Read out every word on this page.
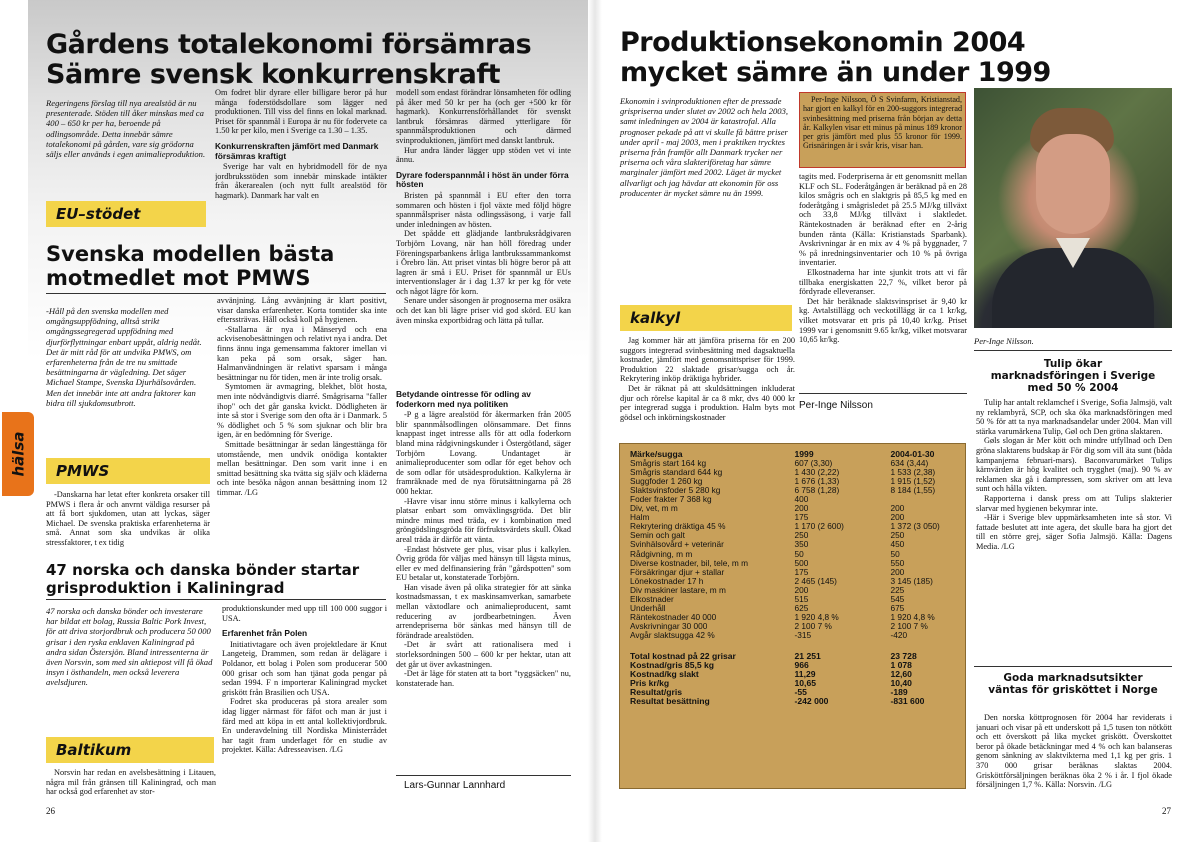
Gårdens totalekonomi försämras
Sämre svensk konkurrenskraft
Regeringens förslag till nya arealstöd är nu presenterade. Stöden till åker minskas med ca 400 – 650 kr per ha, beroende på odlingsområde. Detta innebär sämre totalekonomi på gården, vare sig grödorna säljs eller används i egen animalieproduktion.
EU–stödet

Om fodret blir dyrare eller billigare beror på hur många foderstödsdollare som lägger ned produktionen. Till viss del finns en lokal marknad. Priset för spannmål i Europa är nu för fodervete ca 1.50 kr per kilo, men i Sverige ca 1.30 – 1.35.

Konkurrenskraften jämfört med Danmark försämras kraftigt

Sverige har valt en hybridmodell för de nya jordbruksstöden som innebär minskade intäkter från åkerarealen (och nytt fullt arealstöd för hagmark). Danmark har valt en

modell som endast förändrar lönsamheten för odling på åker med 50 kr per ha (och ger +500 kr för hagmark). Konkurrensförhållandet för svenskt lantbruk försämras därmed ytterligare för spannmålsproduktionen och därmed svinproduktionen, jämfört med danskt lantbruk.

Hur andra länder lägger upp stöden vet vi inte ännu.

Dyrare foderspannmål i höst än under förra hösten

Bristen på spannmål i EU efter den torra sommaren och hösten i fjol växte med följd högre spannmålspriser nästa odlingssäsong, i varje fall under inledningen av hösten.

Det spådde ett glädjande lantbruksrådgivaren Torbjörn Lovang, när han höll föredrag under Föreningsparbankens årliga lantbrukssammankomst i Örebro län. Att priset vintas bli högre beror på att lagren är små i EU. Priset för spannmål ur EUs interventionslager är i dag 1.37 kr per kg för vete och något lägre för korn.

Senare under säsongen är prognoserna mer osäkra och det kan bli lägre priser vid god skörd. EU kan även minska exportbidrag och lätta på tullar.

Svenska modellen bästa
motmedlet mot PMWS
-Håll på den svenska modellen med omgångsuppfödning, alltså strikt omgångssegregerad uppfödning med djurförflyttningar enbart uppåt, aldrig nedåt. Det är mitt råd för att undvika PMWS, om erfarenheterna från de tre nu smittade besättningarna är vägledning. Det säger Michael Stampe, Svenska Djurhälsovården. Men det innebär inte att andra faktorer kan bidra till sjukdomsutbrott.
PMWS

-Danskarna har letat efter konkreta orsaker till PMWS i flera år och anvrnt väldiga resurser på att få bort sjukdomen, utan att lyckas, säger Michael. De svenska praktiska erfarenheterna är små. Annat som ska undvikas är olika stressfaktorer, t ex tidig

avvänjning. Lång avvänjning är klart positivt, visar danska erfarenheter. Korta tomtider ska inte efterssträvas. Håll också koll på hygienen.

-Stallarna är nya i Mänseryd och ena ackvisenobesättningen och relativt nya i andra. Det finns ännu inga gemensamma faktorer imellan vi kan peka på som orsak, säger han. Halmanvändningen är relativt sparsam i många besättningar nu för tiden, men är inte trolig orsak.

Symtomen är avmagring, blekhet, blöt hosta, men inte nödvändigtvis diarré. Smågrisarna "faller ihop" och det går ganska kvickt. Dödligheten är inte så stor i Sverige som den ofta är i Danmark. 5 % dödlighet och 5 % som sjuknar och blir bra igen, är en bedömning för Sverige.

Smittade besättningar är sedan längesttänga för utomstående, men undvik onödiga kontakter mellan besättningar. Den som varit inne i en smittad besättning ska tvätta sig själv och kläderna och inte besöka någon annan besättning inom 12 timmar. /LG

Betydande ointresse för odling av foderkorn med nya politiken

-P g a lägre arealstöd för åkermarken från 2005 blir spannmålsodlingen olönsammare. Det finns knappast inget intresse alls för att odla foderkorn bland mina rådgivningskunder i Östergötland, säger Torbjörn Lovang. Undantaget är animalieproducenter som odlar för eget behov och de som odlar för utsädesproduktion. Kalkylerna är framräknade med de nya förutsättningarna på 28 000 hektar.

-Havre visar innu större minus i kalkylerna och platsar enbart som omväxlingsgröda. Det blir mindre minus med träda, ev i kombination med gröngödslingsgröda för förfruktsvärdets skull. Ökad areal träda är därför att vänta.

-Endast höstvete ger plus, visar plus i kalkylen. Övrig gröda för väljas med hänsyn till lägsta minus, eller ev med delfinansiering från "gårdspotten" som EU betalar ut, konstaterade Torbjörn.

Han visade även på olika strategier för att sänka kostnadsmassan, t ex maskinsamverkan, samarbete mellan växtodlare och animalieproducent, samt reducering av jordbearbetningen. Även arrendepriserna bör sänkas med hänsyn till de förändrade arealstöden.

-Det är svårt att rationalisera med i storleksordningen 500 – 600 kr per hektar, utan att det går ut över avkastningen.

-Det är läge för staten att ta bort "tyggsäcken" nu, konstaterade han.

Lars-Gunnar Lannhard
47 norska och danska bönder startar
grisproduktion i Kaliningrad
47 norska och danska bönder och investerare har bildat ett bolag, Russia Baltic Pork Invest, för att driva storjordbruk och producera 50 000 grisar i den ryska enklaven Kaliningrad på andra sidan Östersjön. Bland intressenterna är även Norsvin, som med sin aktiepost vill få ökad insyn i östhandeln, men också leverera avelsdjuren.
Baltikum

Norsvin har redan en avelsbesättning i Litauen, några mil från gränsen till Kaliningrad, och man har också god erfarenhet av stor-

produktionskunder med upp till 100 000 suggor i USA.

Erfarenhet från Polen

Initiativtagare och även projektledare är Knut Langeteig, Drammen, som redan är delägare i Poldanor, ett bolag i Polen som producerar 500 000 grisar och som han tjänat goda pengar på sedan 1994. F n importerar Kaliningrad mycket griskött från Brasilien och USA.

Fodret ska produceras på stora arealer som idag ligger närmast för fäfot och man är just i färd med att köpa in ett antal kollektivjordbruk. En underavdelning till Nordiska Ministerrådet har tagit fram underlaget för en studie av projektet. Källa: Adresseavisen. /LG

hälsa
26
Produktionsekonomin 2004
mycket sämre än under 1999
Ekonomin i svinproduktionen efter de pressade grispriserna under slutet av 2002 och hela 2003, samt inledningen av 2004 är katastrofal. Alla prognoser pekade på att vi skulle få bättre priser under april - maj 2003, men i praktiken trycktes priserna från framför allt Danmark trycker ner priserna och våra slakteriföretag har sämre marginaler jämfört med 2002. Läget är mycket allvarligt och jag hävdar att ekonomin för oss producenter är mycket sämre nu än 1999.
kalkyl

Jag kommer här att jämföra priserna för en 200 suggors integrerad svinbesättning med dagsaktuella kostnader, jämfört med genomsnittspriser för 1999. Produktion 22 slaktade grisar/sugga och år. Rekrytering inköp dräktiga hybrider.

Det är räknat på att skuldsättningen inkluderat djur och rörelse kapital är ca 8 mkr, dvs 40 000 kr per integrerad sugga i produktion. Halm byts mot gödsel och inkörningskostnader

Per-Inge Nilsson, Ö S Svinfarm, Kristianstad, har gjort en kalkyl för en 200-suggors integrerad svinbesättning med priserna från början av detta år. Kalkylen visar ett minus på minus 189 kronor per gris jämfört med plus 55 kronor för 1999. Grisnäringen är i svår kris, visar han.

tagits med. Foderpriserna är ett genomsnitt mellan KLF och SL. Foderåtgången är beräknad på en 28 kilos smågris och en slaktgris på 85,5 kg med en foderåtgång i smågrisledet på 25.5 MJ/kg tillväxt och 33,8 MJ/kg tillväxt i slaktledet. Räntekostnaden är beräknad efter en 2-årig bunden ränta (Källa: Kristianstads Sparbank). Avskrivningar är en mix av 4 % på byggnader, 7 % på inredningsinventarier och 10 % på övriga inventarier.

Elkostnaderna har inte sjunkit trots att vi får tillbaka energiskatten 22,7 %, vilket beror på fördyrade elleveranser.

Det här beräknade slaktsvinspriset är 9,40 kr kg. Avtalstillägg och veckotillägg är ca 1 kr/kg, vilket motsvarar ett pris på 10,40 kr/kg. Priset 1999 var i genomsnitt 9.65 kr/kg, vilket motsvarar 10,65 kr/kg.

Per-Inge Nilsson
Per-Inge Nilsson.
Märke/sugga	1999	2004-01-30
Smågris start 164 kg	607 (3,30)	634 (3,44)
Smågris standard 644 kg	1 430 (2,22)	1 533 (2,38)
Suggfoder 1 260 kg	1 676 (1,33)	1 915 (1,52)
Slaktsvinsfoder 5 280 kg	6 758 (1,28)	8 184 (1,55)
Foder frakter 7 368 kg	400
Div, vet, m m	200	200
Halm	175	200
Rekrytering dräktiga 45 %	1 170 (2 600)	1 372 (3 050)
Semin och galt	250	250
Svinhälsovård + veterinär	350	450
Rådgivning, m m	50	50
Diverse kostnader, bil, tele, m m	500	550
Försäkringar djur + stallar	175	200
Lönekostnader 17 h	2 465 (145)	3 145 (185)
Div maskiner lastare, m m	200	225
Elkostnader	515	545
Underhåll	625	675
Räntekostnader 40 000	1 920 4,8 %	1 920 4,8 %
Avskrivningar 30 000	2 100 7 %	2 100 7 %
Avgår slaktsugga 42 %	-315	-420
Total kostnad på 22 grisar	21 251	23 728
Kostnad/gris 85,5 kg	966	1 078
Kostnad/kg slakt	11,29	12,60
Pris kr/kg	10,65	10,40
Resultat/gris	-55	-189
Resultat besättning	-242 000	-831 600
Tulip ökar marknadsföringen i Sverige med 50 % 2004

Tulip har antalt reklamchef i Sverige, Sofia Jalmsjö, valt ny reklambyrå, SCP, och ska öka marknadsföringen med 50 % för att ta nya marknadsandelar under 2004. Man vill stärka varumärkena Tulip, Gøl och Den gröna slaktaren.

Gøls slogan är Mer kött och mindre utfyllnad och Den gröna slaktarens budskap är För dig som vill äta sunt (båda kampanjerna februari-mars). Baconvarumärket Tulips kärnvärden är hög kvalitet och trygghet (maj). 90 % av reklamen ska gå i dampressen, som skriver om att leva sunt och hålla vikten.

Rapporterna i dansk press om att Tulips slakterier slarvar med hygienen bekymrar inte.

-Här i Sverige blev uppmärksamheten inte så stor. Vi fattade beslutet att inte agera, det skulle bara ha gjort det till en större grej, säger Sofia Jalmsjö. Källa: Dagens Media. /LG

Goda marknadsutsikter väntas för grisköttet i Norge

Den norska köttprognosen för 2004 har reviderats i januari och visar på ett underskott på 1,5 tusen ton nötkött och ett överskott på lika mycket griskött. Överskottet beror på ökade betäckningar med 4 % och kan balanseras genom sänkning av slaktvikterna med 1,1 kg per gris. 1 370 000 grisar beräknas slaktas 2004. Grisköttförsäljningen beräknas öka 2 % i år. I fjol ökade försäljningen 1,7 %. Källa: Norsvin. /LG

27
